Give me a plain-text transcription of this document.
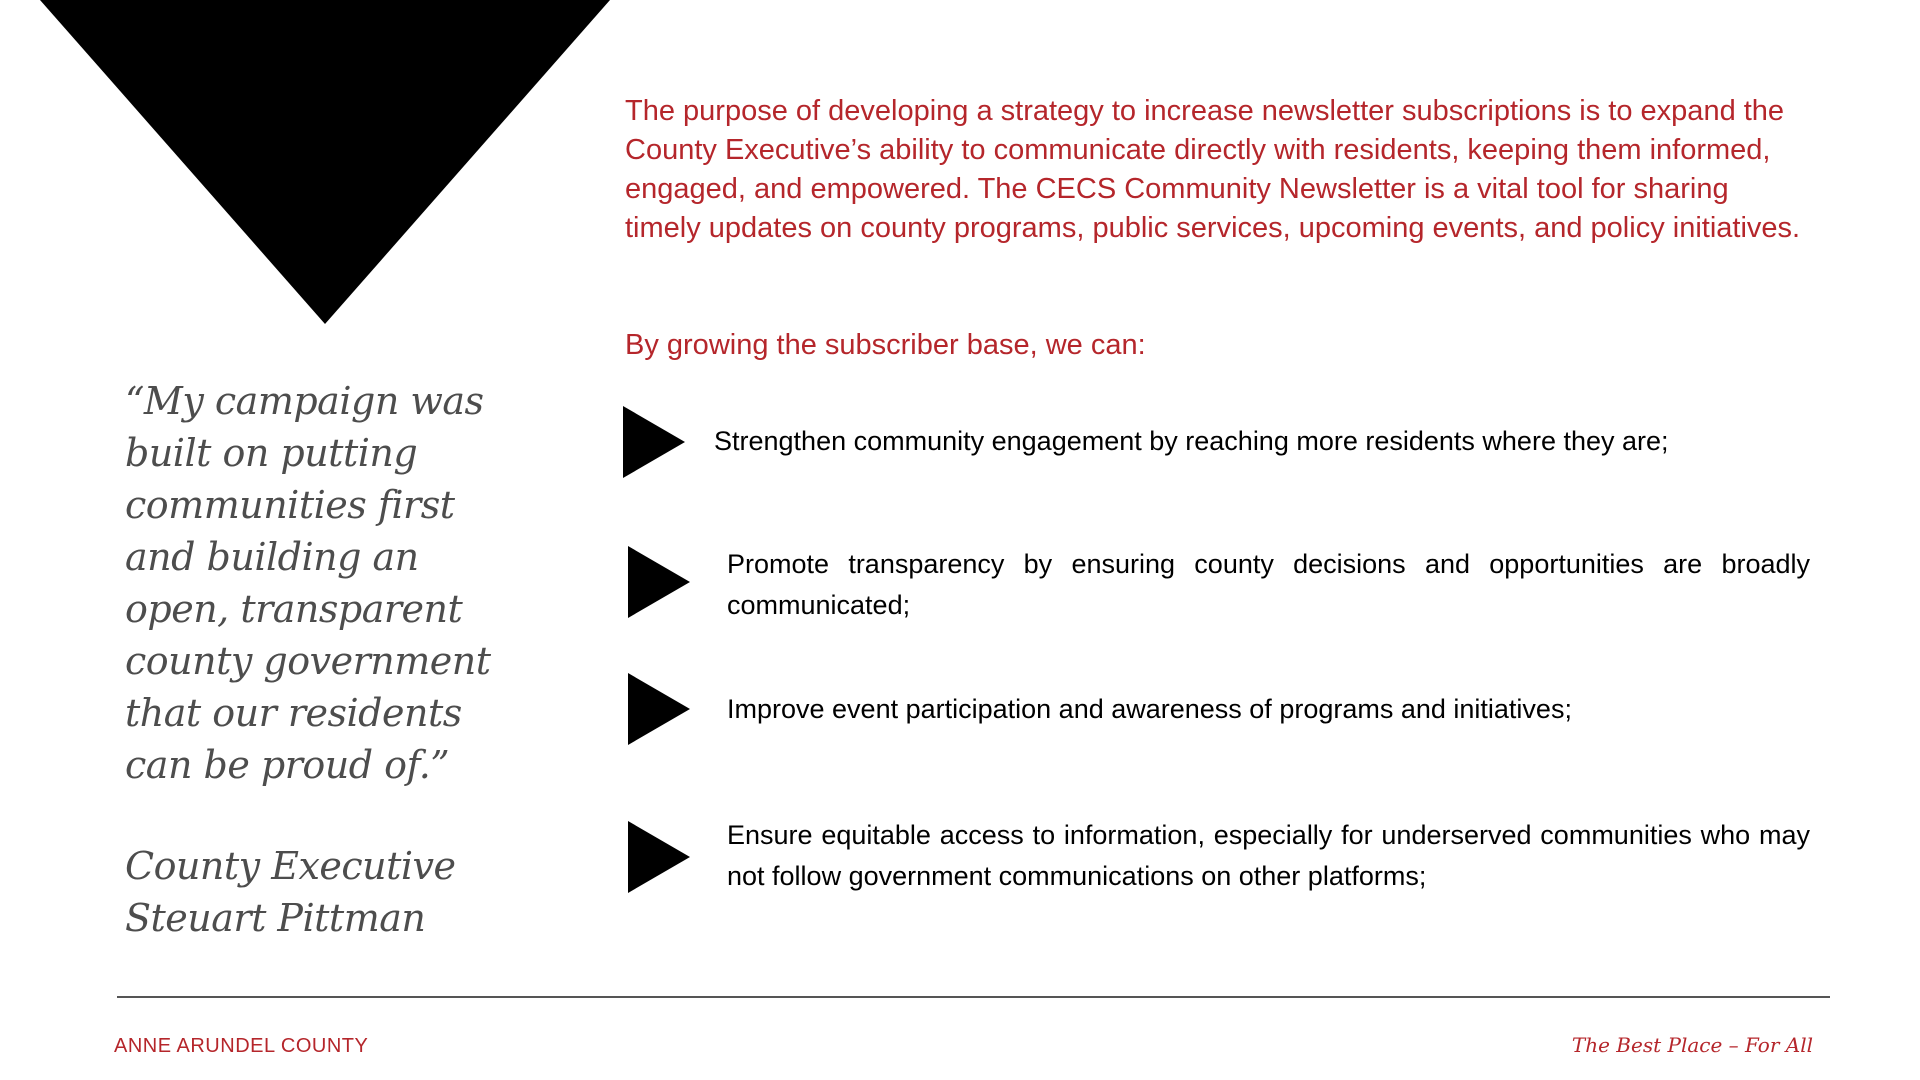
“My campaign was built on putting communities first and building an open, transparent county government that our residents can be proud of.”
County Executive
Steuart Pittman

The purpose of developing a strategy to increase newsletter subscriptions is to expand the County Executive’s ability to communicate directly with residents, keeping them informed, engaged, and empowered. The CECS Community Newsletter is a vital tool for sharing timely updates on county programs, public services, upcoming events, and policy initiatives.

By growing the subscriber base, we can:

Strengthen community engagement by reaching more residents where they are;

Promote transparency by ensuring county decisions and opportunities are broadly communicated;

Improve event participation and awareness of programs and initiatives;

Ensure equitable access to information, especially for underserved communities who may not follow government communications on other platforms;

ANNE ARUNDEL COUNTY	The Best Place – For All
